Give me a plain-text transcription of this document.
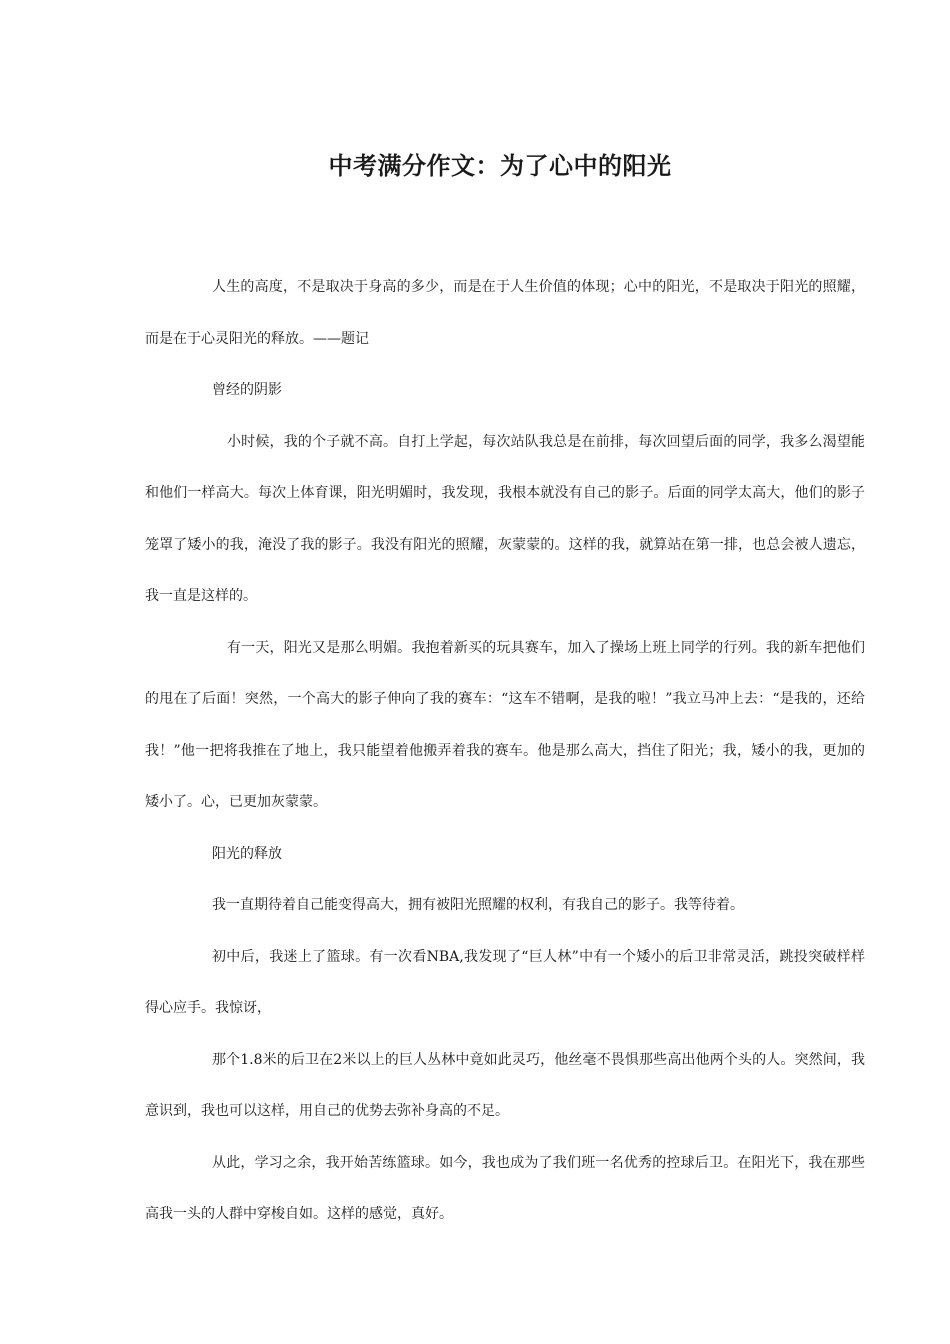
中考满分作文：为了心中的阳光

人生的高度，不是取决于身高的多少，而是在于人生价值的体现；心中的阳光，不是取决于阳光的照耀，而是在于心灵阳光的释放。——题记

曾经的阴影

小时候，我的个子就不高。自打上学起，每次站队我总是在前排，每次回望后面的同学，我多么渴望能和他们一样高大。每次上体育课，阳光明媚时，我发现，我根本就没有自己的影子。后面的同学太高大，他们的影子笼罩了矮小的我，淹没了我的影子。我没有阳光的照耀，灰蒙蒙的。这样的我，就算站在第一排，也总会被人遗忘，我一直是这样的。

有一天，阳光又是那么明媚。我抱着新买的玩具赛车，加入了操场上班上同学的行列。我的新车把他们的甩在了后面！突然，一个高大的影子伸向了我的赛车：“这车不错啊，是我的啦！”我立马冲上去：“是我的，还给我！”他一把将我推在了地上，我只能望着他搬弄着我的赛车。他是那么高大，挡住了阳光；我，矮小的我，更加的矮小了。心，已更加灰蒙蒙。

阳光的释放

我一直期待着自己能变得高大，拥有被阳光照耀的权利，有我自己的影子。我等待着。

初中后，我迷上了篮球。有一次看NBA,我发现了“巨人林”中有一个矮小的后卫非常灵活，跳投突破样样得心应手。我惊讶，

那个1.8米的后卫在2米以上的巨人丛林中竟如此灵巧，他丝毫不畏惧那些高出他两个头的人。突然间，我意识到，我也可以这样，用自己的优势去弥补身高的不足。

从此，学习之余，我开始苦练篮球。如今，我也成为了我们班一名优秀的控球后卫。在阳光下，我在那些高我一头的人群中穿梭自如。这样的感觉，真好。
